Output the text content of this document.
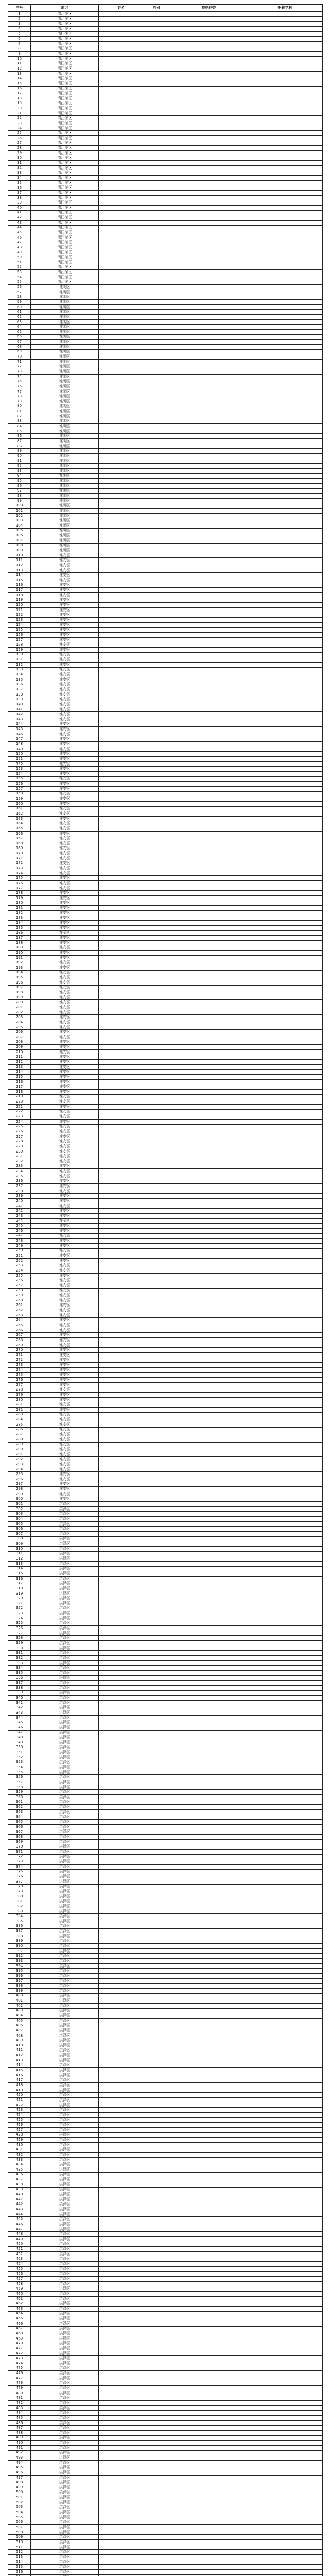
序号	地区	姓名	性别	资格种类	任教学科
1	清江浦区				
2	清江浦区				
3	清江浦区				
4	清江浦区				
5	清江浦区				
6	清江浦区				
7	清江浦区				
8	清江浦区				
9	清江浦区				
10	清江浦区				
11	清江浦区				
12	清江浦区				
13	清江浦区				
14	清江浦区				
15	清江浦区				
16	清江浦区				
17	清江浦区				
18	清江浦区				
19	清江浦区				
20	清江浦区				
21	清江浦区				
22	清江浦区				
23	清江浦区				
24	清江浦区				
25	清江浦区				
26	清江浦区				
27	清江浦区				
28	清江浦区				
29	清江浦区				
30	清江浦区				
31	清江浦区				
32	清江浦区				
33	清江浦区				
34	清江浦区				
35	清江浦区				
36	清江浦区				
37	清江浦区				
38	清江浦区				
39	清江浦区				
40	清江浦区				
41	清江浦区				
42	清江浦区				
43	清江浦区				
44	清江浦区				
45	清江浦区				
46	清江浦区				
47	清江浦区				
48	清江浦区				
49	清江浦区				
50	清江浦区				
51	清江浦区				
52	清江浦区				
53	清江浦区				
54	清江浦区				
55	清江浦区				
56	淮阴区				
57	淮阴区				
58	淮阴区				
59	淮阴区				
60	淮阴区				
61	淮阴区				
62	淮阴区				
63	淮阴区				
64	淮阴区				
65	淮阴区				
66	淮阴区				
67	淮阴区				
68	淮阴区				
69	淮阴区				
70	淮阴区				
71	淮阴区				
72	淮阴区				
73	淮阴区				
74	淮阴区				
75	淮阴区				
76	淮阴区				
77	淮阴区				
78	淮阴区				
79	淮阴区				
80	淮阴区				
81	淮阴区				
82	淮阴区				
83	淮阴区				
84	淮阴区				
85	淮阴区				
86	淮阴区				
87	淮阴区				
88	淮阴区				
89	淮阴区				
90	淮阴区				
91	淮阴区				
92	淮阴区				
93	淮阴区				
94	淮阴区				
95	淮阴区				
96	淮阴区				
97	淮阴区				
98	淮阴区				
99	淮阴区				
100	淮阴区				
101	淮阴区				
102	淮阴区				
103	淮阴区				
104	淮阴区				
105	淮阴区				
106	淮阴区				
107	淮阴区				
108	淮阴区				
109	淮阴区				
110	淮安区				
111	淮安区				
112	淮安区				
113	淮安区				
114	淮安区				
115	淮安区				
116	淮安区				
117	淮安区				
118	淮安区				
119	淮安区				
120	淮安区				
121	淮安区				
122	淮安区				
123	淮安区				
124	淮安区				
125	淮安区				
126	淮安区				
127	淮安区				
128	淮安区				
129	淮安区				
130	淮安区				
131	淮安区				
132	淮安区				
133	淮安区				
134	淮安区				
135	淮安区				
136	淮安区				
137	淮安区				
138	淮安区				
139	淮安区				
140	淮安区				
141	淮安区				
142	淮安区				
143	淮安区				
144	淮安区				
145	淮安区				
146	淮安区				
147	淮安区				
148	淮安区				
149	淮安区				
150	淮安区				
151	淮安区				
152	淮安区				
153	淮安区				
154	淮安区				
155	淮安区				
156	淮安区				
157	淮安区				
158	淮安区				
159	淮安区				
160	淮安区				
161	淮安区				
162	淮安区				
163	淮安区				
164	淮安区				
165	淮安区				
166	淮安区				
167	淮安区				
168	淮安区				
169	淮安区				
170	淮安区				
171	淮安区				
172	淮安区				
173	淮安区				
174	淮安区				
175	淮安区				
176	淮安区				
177	淮安区				
178	淮安区				
179	淮安区				
180	淮安区				
181	淮安区				
182	淮安区				
183	淮安区				
184	淮安区				
185	淮安区				
186	淮安区				
187	淮安区				
188	淮安区				
189	淮安区				
190	淮安区				
191	淮安区				
192	淮安区				
193	淮安区				
194	淮安区				
195	淮安区				
196	淮安区				
197	淮安区				
198	淮安区				
199	淮安区				
200	淮安区				
201	淮安区				
202	淮安区				
203	淮安区				
204	淮安区				
205	淮安区				
206	淮安区				
207	淮安区				
208	淮安区				
209	淮安区				
210	淮安区				
211	淮安区				
212	淮安区				
213	淮安区				
214	淮安区				
215	淮安区				
216	淮安区				
217	淮安区				
218	淮安区				
219	淮安区				
220	淮安区				
221	淮安区				
222	淮安区				
223	淮安区				
224	淮安区				
225	淮安区				
226	淮安区				
227	淮安区				
228	淮安区				
229	淮安区				
230	淮安区				
231	淮安区				
232	淮安区				
233	淮安区				
234	淮安区				
235	淮安区				
236	淮安区				
237	淮安区				
238	淮安区				
239	淮安区				
240	淮安区				
241	淮安区				
242	淮安区				
243	淮安区				
244	淮安区				
245	淮安区				
246	淮安区				
247	淮安区				
248	淮安区				
249	淮安区				
250	淮安区				
251	淮安区				
252	淮安区				
253	淮安区				
254	淮安区				
255	淮安区				
256	淮安区				
257	淮安区				
258	淮安区				
259	淮安区				
260	淮安区				
261	淮安区				
262	淮安区				
263	淮安区				
264	淮安区				
265	淮安区				
266	淮安区				
267	淮安区				
268	淮安区				
269	淮安区				
270	淮安区				
271	淮安区				
272	淮安区				
273	淮安区				
274	淮安区				
275	淮安区				
276	淮安区				
277	淮安区				
278	淮安区				
279	淮安区				
280	淮安区				
281	淮安区				
282	淮安区				
283	淮安区				
284	淮安区				
285	淮安区				
286	淮安区				
287	淮安区				
288	淮安区				
289	淮安区				
290	淮安区				
291	淮安区				
292	淮安区				
293	淮安区				
294	淮安区				
295	淮安区				
296	淮安区				
297	淮安区				
298	淮安区				
299	淮安区				
300	淮安区				
301	洪泽区				
302	洪泽区				
303	洪泽区				
304	洪泽区				
305	洪泽区				
306	洪泽区				
307	洪泽区				
308	洪泽区				
309	洪泽区				
310	洪泽区				
311	洪泽区				
312	洪泽区				
313	洪泽区				
314	洪泽区				
315	洪泽区				
316	洪泽区				
317	洪泽区				
318	洪泽区				
319	洪泽区				
320	洪泽区				
321	洪泽区				
322	洪泽区				
323	洪泽区				
324	洪泽区				
325	洪泽区				
326	洪泽区				
327	洪泽区				
328	洪泽区				
329	洪泽区				
330	洪泽区				
331	洪泽区				
332	洪泽区				
333	洪泽区				
334	洪泽区				
335	洪泽区				
336	洪泽区				
337	洪泽区				
338	洪泽区				
339	洪泽区				
340	洪泽区				
341	洪泽区				
342	洪泽区				
343	洪泽区				
344	洪泽区				
345	洪泽区				
346	洪泽区				
347	洪泽区				
348	洪泽区				
349	洪泽区				
350	洪泽区				
351	洪泽区				
352	洪泽区				
353	洪泽区				
354	洪泽区				
355	洪泽区				
356	洪泽区				
357	洪泽区				
358	洪泽区				
359	洪泽区				
360	洪泽区				
361	洪泽区				
362	洪泽区				
363	洪泽区				
364	洪泽区				
365	洪泽区				
366	洪泽区				
367	洪泽区				
368	洪泽区				
369	洪泽区				
370	洪泽区				
371	洪泽区				
372	洪泽区				
373	洪泽区				
374	洪泽区				
375	洪泽区				
376	洪泽区				
377	洪泽区				
378	洪泽区				
379	洪泽区				
380	洪泽区				
381	洪泽区				
382	洪泽区				
383	洪泽区				
384	洪泽区				
385	洪泽区				
386	洪泽区				
387	洪泽区				
388	洪泽区				
389	洪泽区				
390	洪泽区				
391	洪泽区				
392	洪泽区				
393	洪泽区				
394	洪泽区				
395	洪泽区				
396	洪泽区				
397	洪泽区				
398	洪泽区				
399	洪泽区				
400	洪泽区				
401	洪泽区				
402	洪泽区				
403	洪泽区				
404	洪泽区				
405	洪泽区				
406	洪泽区				
407	洪泽区				
408	洪泽区				
409	洪泽区				
410	洪泽区				
411	洪泽区				
412	洪泽区				
413	洪泽区				
414	洪泽区				
415	洪泽区				
416	洪泽区				
417	洪泽区				
418	洪泽区				
419	洪泽区				
420	洪泽区				
421	洪泽区				
422	洪泽区				
423	洪泽区				
424	洪泽区				
425	洪泽区				
426	洪泽区				
427	洪泽区				
428	洪泽区				
429	洪泽区				
430	洪泽区				
431	洪泽区				
432	洪泽区				
433	洪泽区				
434	洪泽区				
435	洪泽区				
436	洪泽区				
437	洪泽区				
438	洪泽区				
439	洪泽区				
440	洪泽区				
441	洪泽区				
442	洪泽区				
443	洪泽区				
444	洪泽区				
445	洪泽区				
446	洪泽区				
447	洪泽区				
448	洪泽区				
449	洪泽区				
450	洪泽区				
451	洪泽区				
452	洪泽区				
453	洪泽区				
454	洪泽区				
455	洪泽区				
456	洪泽区				
457	洪泽区				
458	洪泽区				
459	洪泽区				
460	洪泽区				
461	洪泽区				
462	洪泽区				
463	洪泽区				
464	洪泽区				
465	洪泽区				
466	洪泽区				
467	洪泽区				
468	洪泽区				
469	洪泽区				
470	洪泽区				
471	洪泽区				
472	洪泽区				
473	洪泽区				
474	洪泽区				
475	洪泽区				
476	洪泽区				
477	洪泽区				
478	洪泽区				
479	洪泽区				
480	洪泽区				
481	洪泽区				
482	洪泽区				
483	洪泽区				
484	洪泽区				
485	洪泽区				
486	洪泽区				
487	洪泽区				
488	洪泽区				
489	洪泽区				
490	洪泽区				
491	洪泽区				
492	洪泽区				
493	洪泽区				
494	洪泽区				
495	洪泽区				
496	洪泽区				
497	洪泽区				
498	洪泽区				
499	洪泽区				
500	洪泽区				
501	洪泽区				
502	洪泽区				
503	洪泽区				
504	洪泽区				
505	洪泽区				
506	洪泽区				
507	洪泽区				
508	洪泽区				
509	洪泽区				
510	洪泽区				
511	洪泽区				
512	洪泽区				
513	洪泽区				
514	洪泽区				
515	洪泽区				
516	洪泽区				
